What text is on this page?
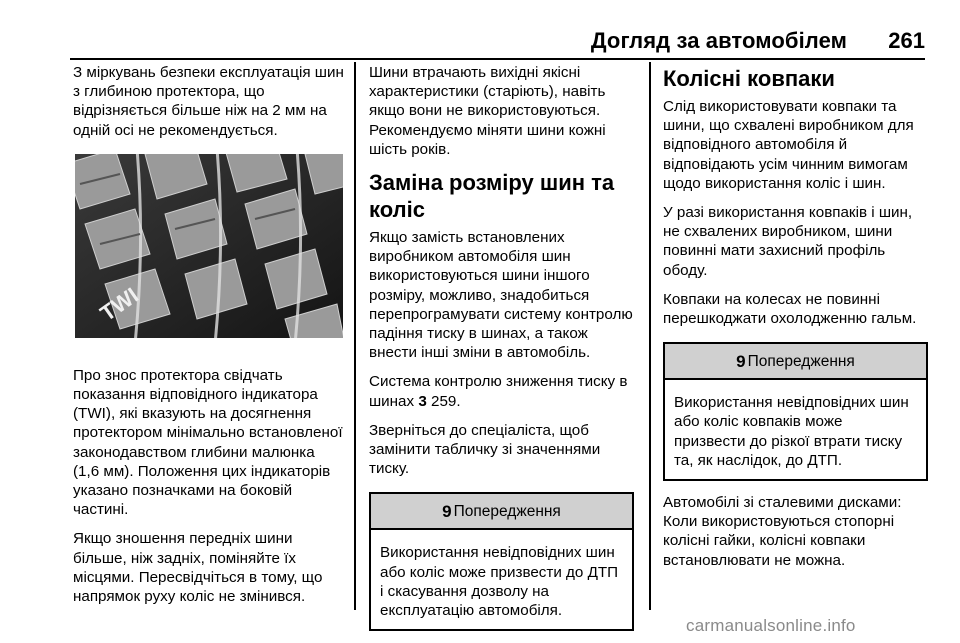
Догляд за автомобілем 261

З міркувань безпеки експлуатація шин з глибиною протектора, що відрізняється більше ніж на 2 мм на одній осі не рекомендується.

TWI

Про знос протектора свідчать показання відповідного індикатора (TWI), які вказують на досягнення протектором мінімально встановленої законодавством глибини малюнка (1,6 мм). Положення цих індикаторів указано позначками на боковій частині.

Якщо зношення передніх шини більше, ніж задніх, поміняйте їх місцями. Пересвідчіться в тому, що напрямок руху коліс не змінився.

Шини втрачають вихідні якісні характеристики (старіють), навіть якщо вони не використовуються. Рекомендуємо міняти шини кожні шість років.

Заміна розміру шин та коліс

Якщо замість встановлених виробником автомобіля шин використовуються шини іншого розміру, можливо, знадобиться перепрограмувати систему контролю падіння тиску в шинах, а також внести інші зміни в автомобіль.

Система контролю зниження тиску в шинах 3 259.

Зверніться до спеціаліста, щоб замінити табличку зі значеннями тиску.

9 Попередження
Використання невідповідних шин або коліс може призвести до ДТП і скасування дозволу на експлуатацію автомобіля.
Колісні ковпаки

Слід використовувати ковпаки та шини, що схвалені виробником для відповідного автомобіля й відповідають усім чинним вимогам щодо використання коліс і шин.

У разі використання ковпаків і шин, не схвалених виробником, шини повинні мати захисний профіль ободу.

Ковпаки на колесах не повинні перешкоджати охолодженню гальм.

9 Попередження
Використання невідповідних шин або коліс ковпаків може призвести до різкої втрати тиску та, як наслідок, до ДТП.

Автомобілі зі сталевими дисками: Коли використовуються стопорні колісні гайки, колісні ковпаки встановлювати не можна.

carmanualsonline.info
